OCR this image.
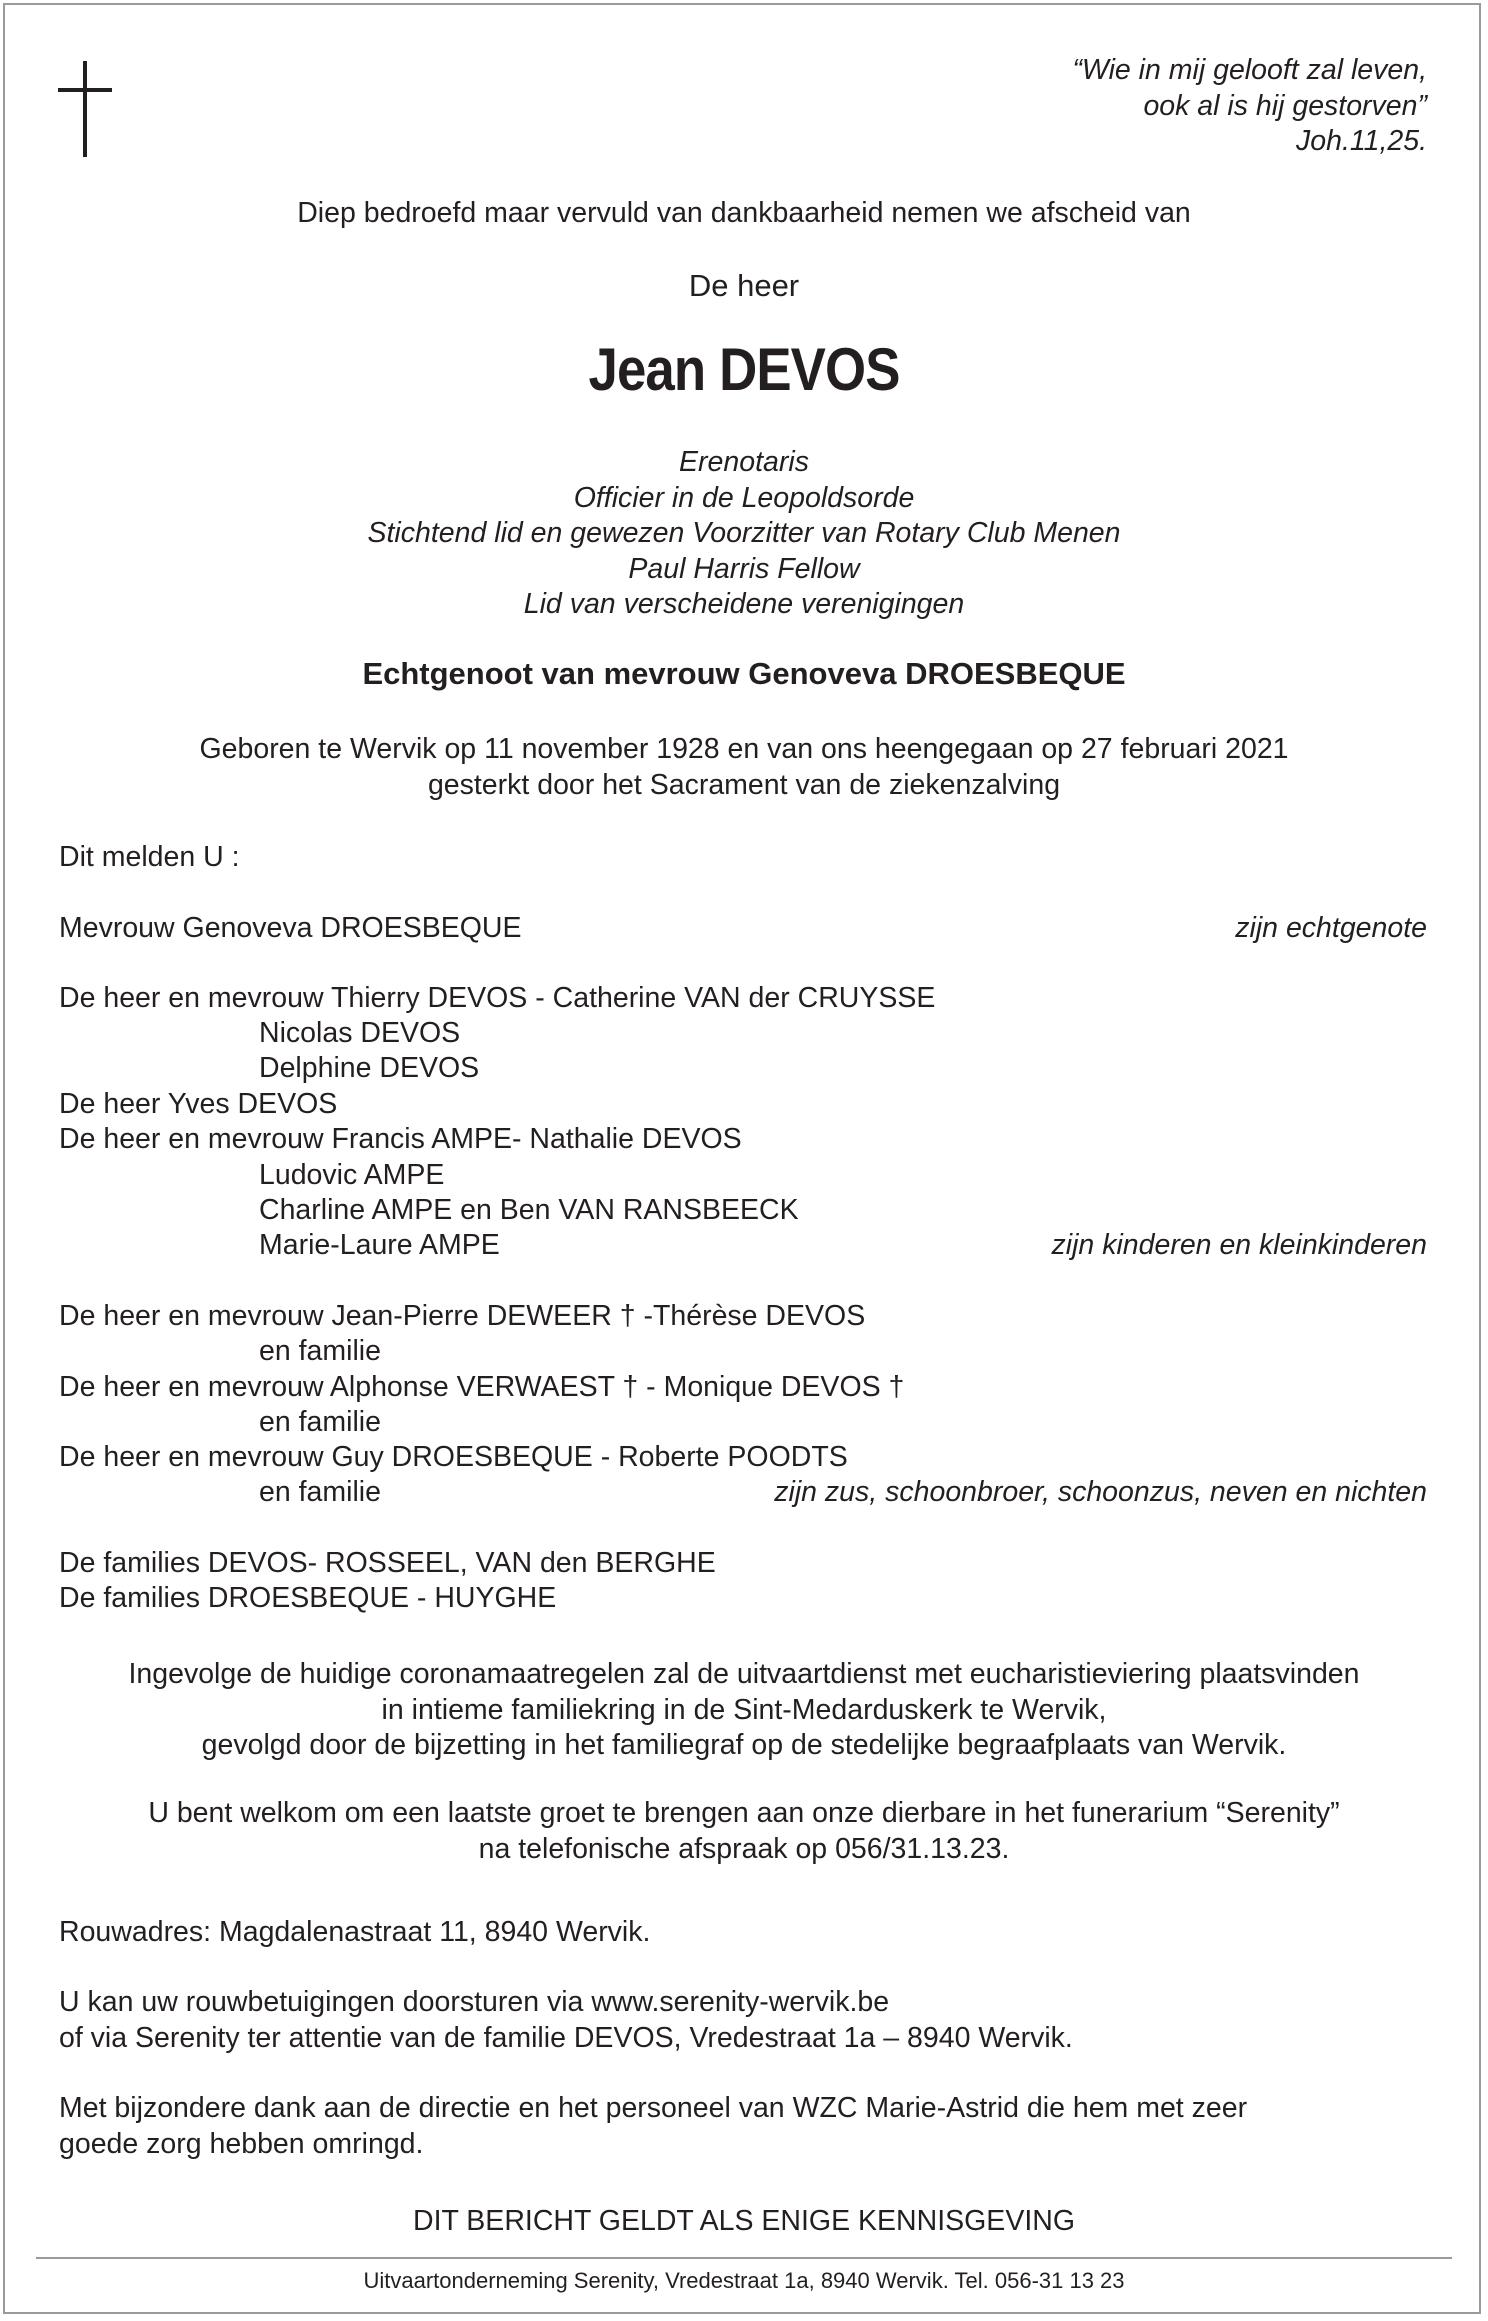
“Wie in mij gelooft zal leven,
ook al is hij gestorven”
Joh.11,25.
Diep bedroefd maar vervuld van dankbaarheid nemen we afscheid van
De heer
Jean DEVOS
Erenotaris
Officier in de Leopoldsorde
Stichtend lid en gewezen Voorzitter van Rotary Club Menen
Paul Harris Fellow
Lid van verscheidene verenigingen
Echtgenoot van mevrouw Genoveva DROESBEQUE
Geboren te Wervik op 11 november 1928 en van ons heengegaan op 27 februari 2021
gesterkt door het Sacrament van de ziekenzalving
Dit melden U :
Mevrouw Genoveva DROESBEQUE	zijn echtgenote
De heer en mevrouw Thierry DEVOS - Catherine VAN der CRUYSSE
Nicolas DEVOS
Delphine DEVOS
De heer Yves DEVOS
De heer en mevrouw Francis AMPE- Nathalie DEVOS
Ludovic AMPE
Charline AMPE en Ben VAN RANSBEECK
Marie-Laure AMPE	zijn kinderen en kleinkinderen
De heer en mevrouw Jean-Pierre DEWEER † -Thérèse DEVOS
en familie
De heer en mevrouw Alphonse VERWAEST † - Monique DEVOS †
en familie
De heer en mevrouw Guy DROESBEQUE - Roberte POODTS
en familie	zijn zus, schoonbroer, schoonzus, neven en nichten
De families DEVOS- ROSSEEL, VAN den BERGHE
De families DROESBEQUE - HUYGHE
Ingevolge de huidige coronamaatregelen zal de uitvaartdienst met eucharistieviering plaatsvinden
in intieme familiekring in de Sint-Medarduskerk te Wervik,
gevolgd door de bijzetting in het familiegraf op de stedelijke begraafplaats van Wervik.
U bent welkom om een laatste groet te brengen aan onze dierbare in het funerarium “Serenity”
na telefonische afspraak op 056/31.13.23.
Rouwadres: Magdalenastraat 11, 8940 Wervik.
U kan uw rouwbetuigingen doorsturen via www.serenity-wervik.be
of via Serenity ter attentie van de familie DEVOS, Vredestraat 1a – 8940 Wervik.
Met bijzondere dank aan de directie en het personeel van WZC Marie-Astrid die hem met zeer
goede zorg hebben omringd.
DIT BERICHT GELDT ALS ENIGE KENNISGEVING
Uitvaartonderneming Serenity, Vredestraat 1a, 8940 Wervik. Tel. 056-31 13 23
